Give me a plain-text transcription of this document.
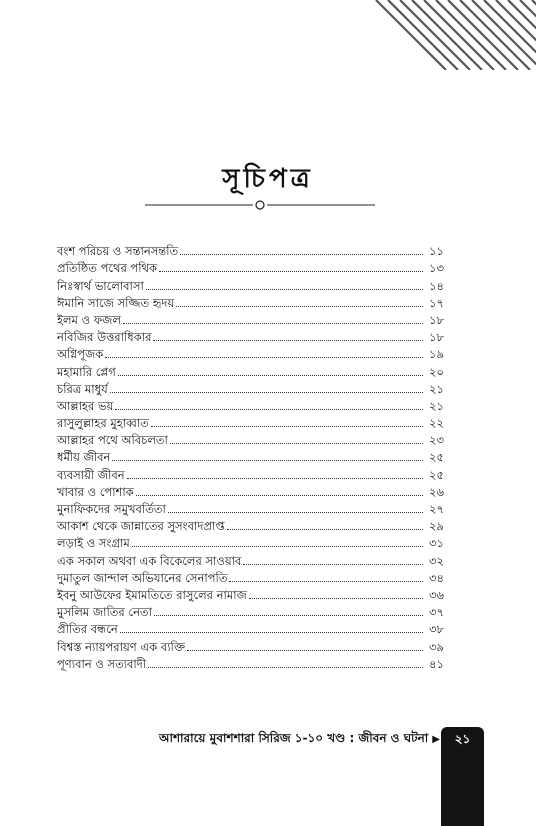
সূচিপত্র
বংশ পরিচয় ও সন্তানসন্ততি	১১
প্রতিষ্ঠিত পথের পথিক	১৩
নিঃস্বার্থ ভালোবাসা	১৪
ঈমানি সাজে সজ্জিত হৃদয়	১৭
ইলম ও ফজল	১৮
নবিজির উত্তরাধিকার	১৮
অগ্নিপূজক	১৯
মহামারি প্লেগ	২০
চরিত্র মাধুর্য	২১
আল্লাহর ভয়	২১
রাসুলুল্লাহর মুহাব্বাত	২২
আল্লাহর পথে অবিচলতা	২৩
ধর্মীয় জীবন	২৫
ব্যবসায়ী জীবন	২৫
খাবার ও পোশাক	২৬
মুনাফিকদের সমুখবর্তিতা	২৭
আকাশ থেকে জান্নাতের সুসংবাদপ্রাপ্ত	২৯
লড়াই ও সংগ্রাম	৩১
এক সকাল অথবা এক বিকেলের সাওয়াব	৩২
দুমাতুল জান্দাল অভিযানের সেনাপতি	৩৪
ইবনু আউফের ইমামতিতে রাসুলের নামাজ	৩৬
মুসলিম জাতির নেতা	৩৭
প্রীতির বন্ধনে	৩৮
বিশ্বস্ত ন্যায়পরায়ণ এক ব্যক্তি	৩৯
পূণ্যবান ও সত্যবাদী	৪১
আশারায়ে মুবাশশারা সিরিজ ১-১০ খণ্ড : জীবন ও ঘটনা ▶	২১
